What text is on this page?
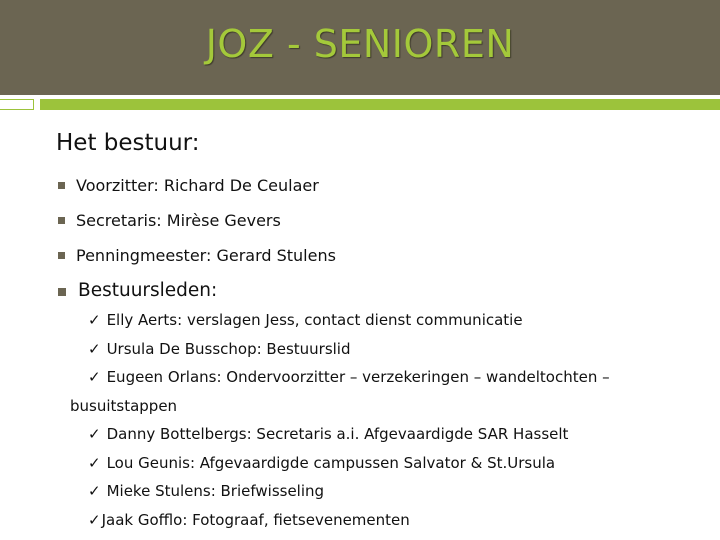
JOZ - SENIOREN
Het bestuur:
Voorzitter: Richard De Ceulaer
Secretaris: Mirèse Gevers
Penningmeester: Gerard Stulens
Bestuursleden:
✓ Elly Aerts: verslagen Jess, contact dienst communicatie
✓ Ursula De Busschop: Bestuurslid
✓ Eugeen Orlans: Ondervoorzitter – verzekeringen – wandeltochten –
busuitstappen
✓ Danny Bottelbergs: Secretaris a.i. Afgevaardigde SAR Hasselt
✓ Lou Geunis: Afgevaardigde campussen Salvator & St.Ursula
✓ Mieke Stulens: Briefwisseling
✓Jaak Gofflo: Fotograaf, fietsevenementen
